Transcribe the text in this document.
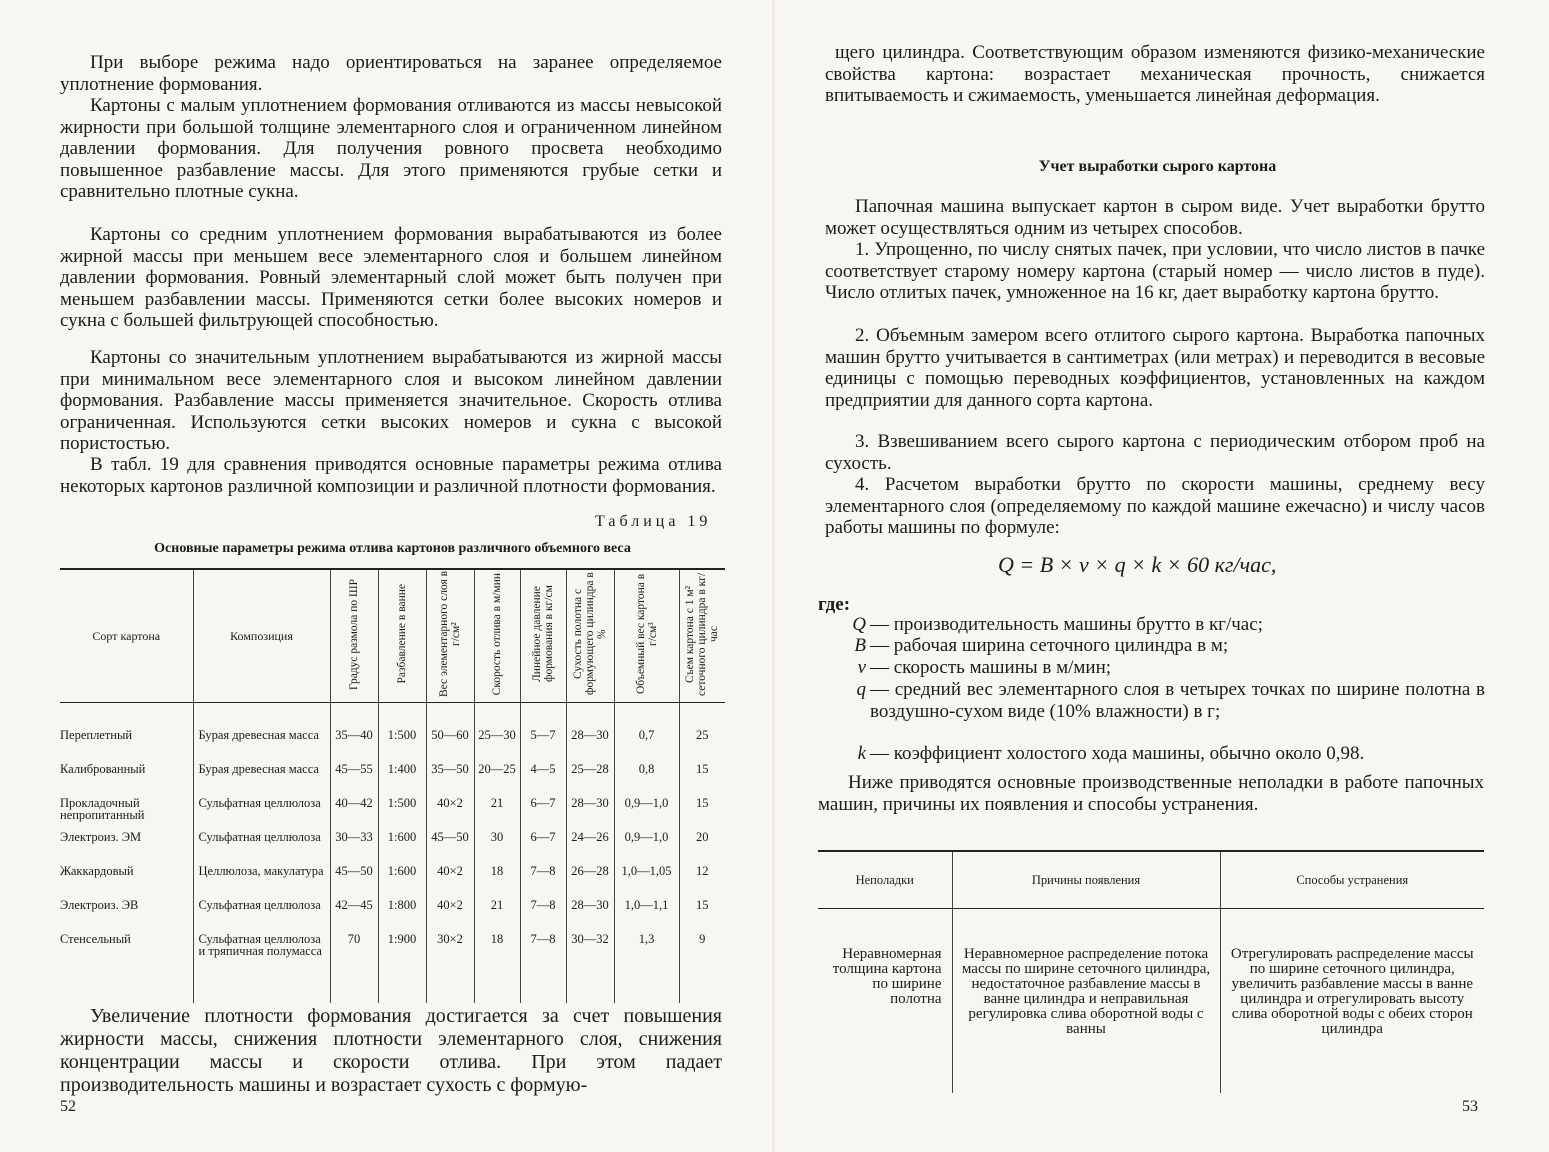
При выборе режима надо ориентироваться на заранее определяемое уплотнение формования.

Картоны с малым уплотнением формования отливаются из массы невысокой жирности при большой толщине элементарного слоя и ограниченном линейном давлении формования. Для получения ровного просвета необходимо повышенное разбавление массы. Для этого применяются грубые сетки и сравнительно плотные сукна.

Картоны со средним уплотнением формования вырабатываются из более жирной массы при меньшем весе элементарного слоя и большем линейном давлении формования. Ровный элементарный слой может быть получен при меньшем разбавлении массы. Применяются сетки более высоких номеров и сукна с большей фильтрующей способностью.

Картоны со значительным уплотнением вырабатываются из жирной массы при минимальном весе элементарного слоя и высоком линейном давлении формования. Разбавление массы применяется значительное. Скорость отлива ограниченная. Используются сетки высоких номеров и сукна с высокой пористостью.

В табл. 19 для сравнения приводятся основные параметры режима отлива некоторых картонов различной композиции и различной плотности формования.

Таблица 19
Основные параметры режима отлива картонов различного объемного веса
Сорт картона	Композиция	Градус размола по ШР	Разбавление в ванне	Вес элементарного слоя в г/см²	Скорость отлива в м/мин	Линейное давление формования в кг/см	Сухость полотна с формующего цилиндра в %	Объемный вес картона в г/см³	Съем картона с 1 м² сеточного цилиндра в кг/час
Переплетный	Бурая древесная масса	35—40	1:500	50—60	25—30	5—7	28—30	0,7	25
Калиброванный	Бурая древесная масса	45—55	1:400	35—50	20—25	4—5	25—28	0,8	15
Прокладочный непропитанный	Сульфатная целлюлоза	40—42	1:500	40×2	21	6—7	28—30	0,9—1,0	15
Электроиз. ЭМ	Сульфатная целлюлоза	30—33	1:600	45—50	30	6—7	24—26	0,9—1,0	20
Жаккардовый	Целлюлоза, макулатура	45—50	1:600	40×2	18	7—8	26—28	1,0—1,05	12
Электроиз. ЭВ	Сульфатная целлюлоза	42—45	1:800	40×2	21	7—8	28—30	1,0—1,1	15
Стенсельный	Сульфатная целлюлоза и тряпичная полумасса	70	1:900	30×2	18	7—8	30—32	1,3	9

Увеличение плотности формования достигается за счет повышения жирности массы, снижения плотности элементарного слоя, снижения концентрации массы и скорости отлива. При этом падает производительность машины и возрастает сухость с формую-

52

щего цилиндра. Соответствующим образом изменяются физико-механические свойства картона: возрастает механическая прочность, снижается впитываемость и сжимаемость, уменьшается линейная деформация.

Учет выработки сырого картона

Папочная машина выпускает картон в сыром виде. Учет выработки брутто может осуществляться одним из четырех способов.

1. Упрощенно, по числу снятых пачек, при условии, что число листов в пачке соответствует старому номеру картона (старый номер — число листов в пуде). Число отлитых пачек, умноженное на 16 кг, дает выработку картона брутто.

2. Объемным замером всего отлитого сырого картона. Выработка папочных машин брутто учитывается в сантиметрах (или метрах) и переводится в весовые единицы с помощью переводных коэффициентов, установленных на каждом предприятии для данного сорта картона.

3. Взвешиванием всего сырого картона с периодическим отбором проб на сухость.

4. Расчетом выработки брутто по скорости машины, среднему весу элементарного слоя (определяемому по каждой машине ежечасно) и числу часов работы машины по формуле:

Q = B × v × q × k × 60 кг/час,
где:
Q — производительность машины брутто в кг/час;
B — рабочая ширина сеточного цилиндра в м;
v — скорость машины в м/мин;
q — средний вес элементарного слоя в четырех точках по ширине полотна в воздушно-сухом виде (10% влажности) в г;
k — коэффициент холостого хода машины, обычно около 0,98.

Ниже приводятся основные производственные неполадки в работе папочных машин, причины их появления и способы устранения.

Неполадки	Причины появления	Способы устранения
Неравномерная толщина картона по ширине полотна	Неравномерное распределение потока массы по ширине сеточного цилиндра, недостаточное разбавление массы в ванне цилиндра и неправильная регулировка слива оборотной воды с ванны	Отрегулировать распределение массы по ширине сеточного цилиндра, увеличить разбавление массы в ванне цилиндра и отрегулировать высоту слива оборотной воды с обеих сторон цилиндра
53
